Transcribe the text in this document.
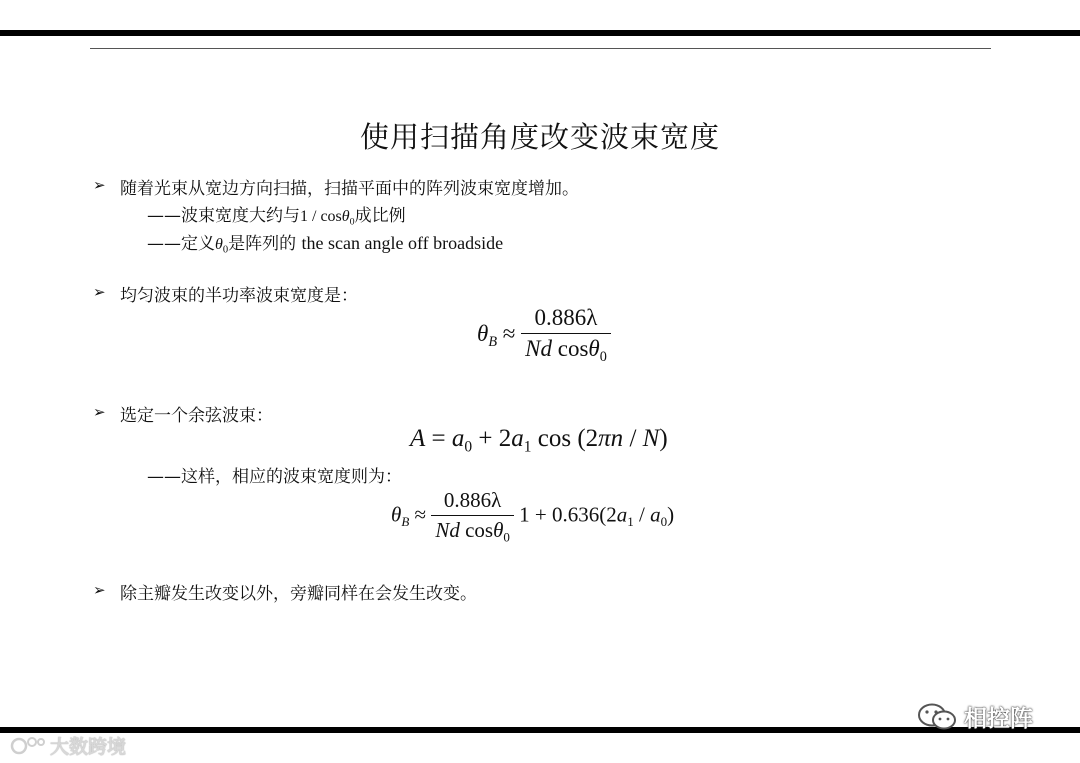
使用扫描角度改变波束宽度
➢ 随着光束从宽边方向扫描，扫描平面中的阵列波束宽度增加。
——波束宽度大约与1 / cosθ$_0$成比例
——定义$\theta_0$是阵列的 the scan angle off broadside
➢ 均匀波束的半功率波束宽度是：
$\theta_B \approx \frac{0.886\lambda}{Nd \cos\theta_0}$
➢ 选定一个余弦波束：
$A = a_0 + 2a_1$ cos (2πn / N)
——这样，相应的波束宽度则为：
$\theta_B \approx \frac{0.886\lambda}{Nd \cos\theta_0} 1 + 0.636(2a_1 / a_0)$
➢ 除主瓣发生改变以外，旁瓣同样在会发生改变。
大数跨境
相控阵
